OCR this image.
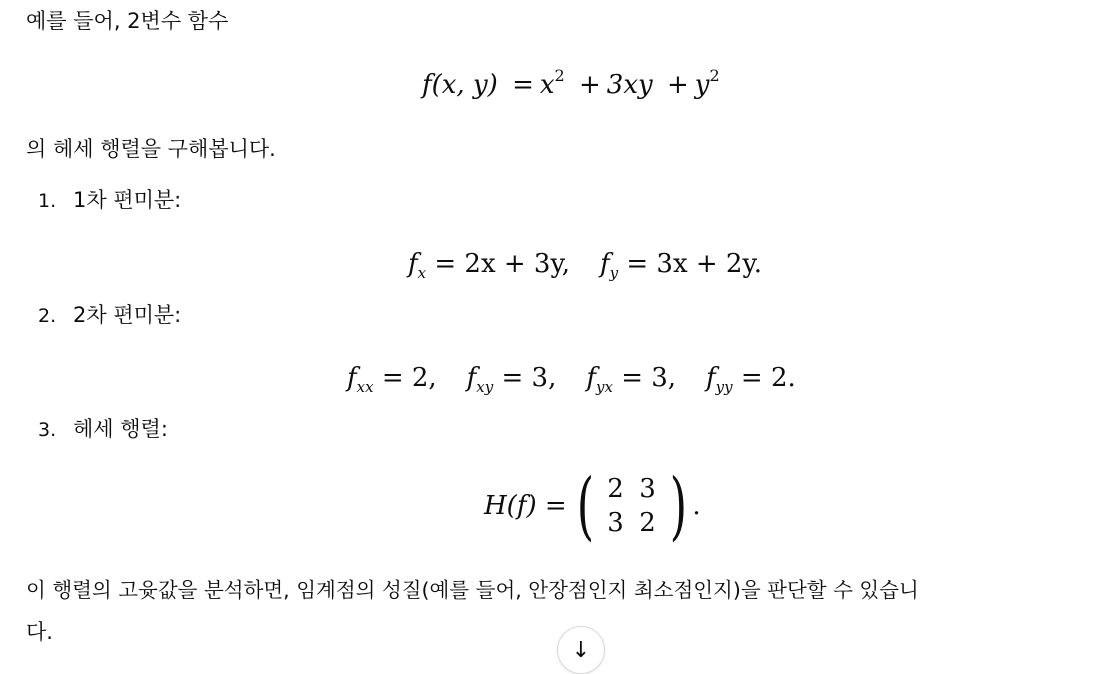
예를 들어, 2변수 함수
f(x, $y) = x^2 + 3xy + y^2$
의 헤세 행렬을 구해봅니다.
1. 1차 편미분:
$f_x = 2x + 3y$, $f_y = 3x + 2y$.
2. 2차 편미분:
$f_{xx} = 2$, $f_{xy} = 3$, $f_{yx} = 3$, $f_{yy} = 2$.
3. 헤세 행렬:
H(f) = ( 2 3
3 2 ) .
이 행렬의 고윳값을 분석하면, 임계점의 성질(예를 들어, 안장점인지 최소점인지)을 판단할 수 있습니
다.
↓
